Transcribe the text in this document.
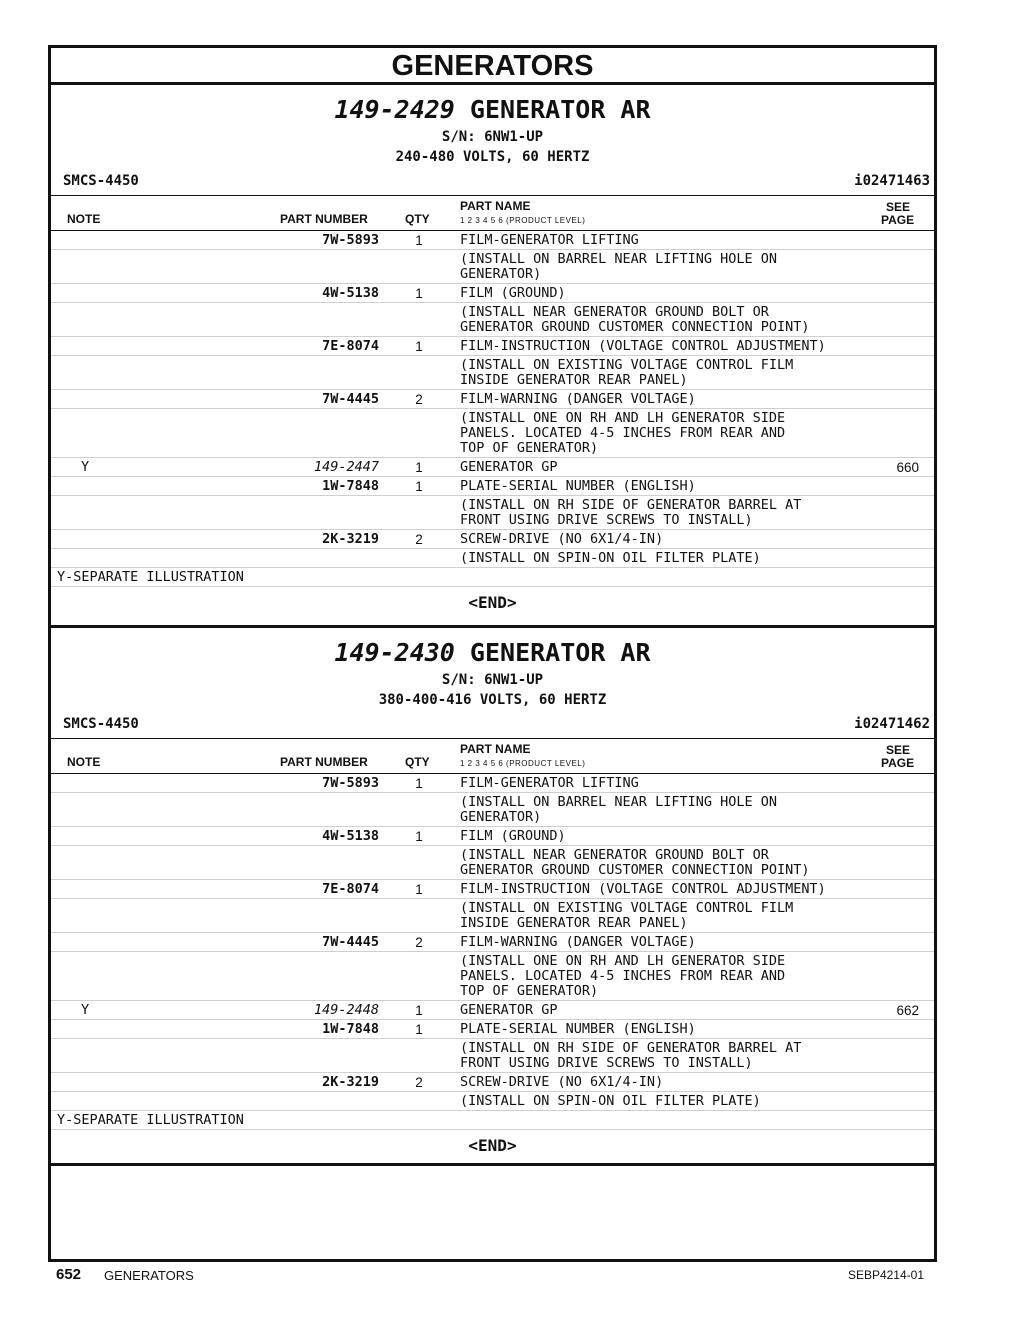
GENERATORS
149-2429 GENERATOR AR
S/N: 6NW1-UP
240-480 VOLTS, 60 HERTZ
SMCS-4450	i02471463
NOTE	PART NUMBER	QTY
PART NAME
1 2 3 4 5 6 (PRODUCT LEVEL)
SEE
PAGE
7W-5893	1	FILM-GENERATOR LIFTING
(INSTALL ON BARREL NEAR LIFTING HOLE ON
GENERATOR)
4W-5138	1	FILM (GROUND)
(INSTALL NEAR GENERATOR GROUND BOLT OR
GENERATOR GROUND CUSTOMER CONNECTION POINT)
7E-8074	1	FILM-INSTRUCTION (VOLTAGE CONTROL ADJUSTMENT)
(INSTALL ON EXISTING VOLTAGE CONTROL FILM
INSIDE GENERATOR REAR PANEL)
7W-4445	2	FILM-WARNING (DANGER VOLTAGE)
(INSTALL ONE ON RH AND LH GENERATOR SIDE
PANELS. LOCATED 4-5 INCHES FROM REAR AND
TOP OF GENERATOR)
Y	149-2447	1	GENERATOR GP	660
1W-7848	1	PLATE-SERIAL NUMBER (ENGLISH)
(INSTALL ON RH SIDE OF GENERATOR BARREL AT
FRONT USING DRIVE SCREWS TO INSTALL)
2K-3219	2	SCREW-DRIVE (NO 6X1/4-IN)
(INSTALL ON SPIN-ON OIL FILTER PLATE)
Y-SEPARATE ILLUSTRATION
<END>
149-2430 GENERATOR AR
S/N: 6NW1-UP
380-400-416 VOLTS, 60 HERTZ
SMCS-4450	i02471462
NOTE	PART NUMBER	QTY
PART NAME
1 2 3 4 5 6 (PRODUCT LEVEL)
SEE
PAGE
7W-5893	1	FILM-GENERATOR LIFTING
(INSTALL ON BARREL NEAR LIFTING HOLE ON
GENERATOR)
4W-5138	1	FILM (GROUND)
(INSTALL NEAR GENERATOR GROUND BOLT OR
GENERATOR GROUND CUSTOMER CONNECTION POINT)
7E-8074	1	FILM-INSTRUCTION (VOLTAGE CONTROL ADJUSTMENT)
(INSTALL ON EXISTING VOLTAGE CONTROL FILM
INSIDE GENERATOR REAR PANEL)
7W-4445	2	FILM-WARNING (DANGER VOLTAGE)
(INSTALL ONE ON RH AND LH GENERATOR SIDE
PANELS. LOCATED 4-5 INCHES FROM REAR AND
TOP OF GENERATOR)
Y	149-2448	1	GENERATOR GP	662
1W-7848	1	PLATE-SERIAL NUMBER (ENGLISH)
(INSTALL ON RH SIDE OF GENERATOR BARREL AT
FRONT USING DRIVE SCREWS TO INSTALL)
2K-3219	2	SCREW-DRIVE (NO 6X1/4-IN)
(INSTALL ON SPIN-ON OIL FILTER PLATE)
Y-SEPARATE ILLUSTRATION
<END>
652 GENERATORS	SEBP4214-01
